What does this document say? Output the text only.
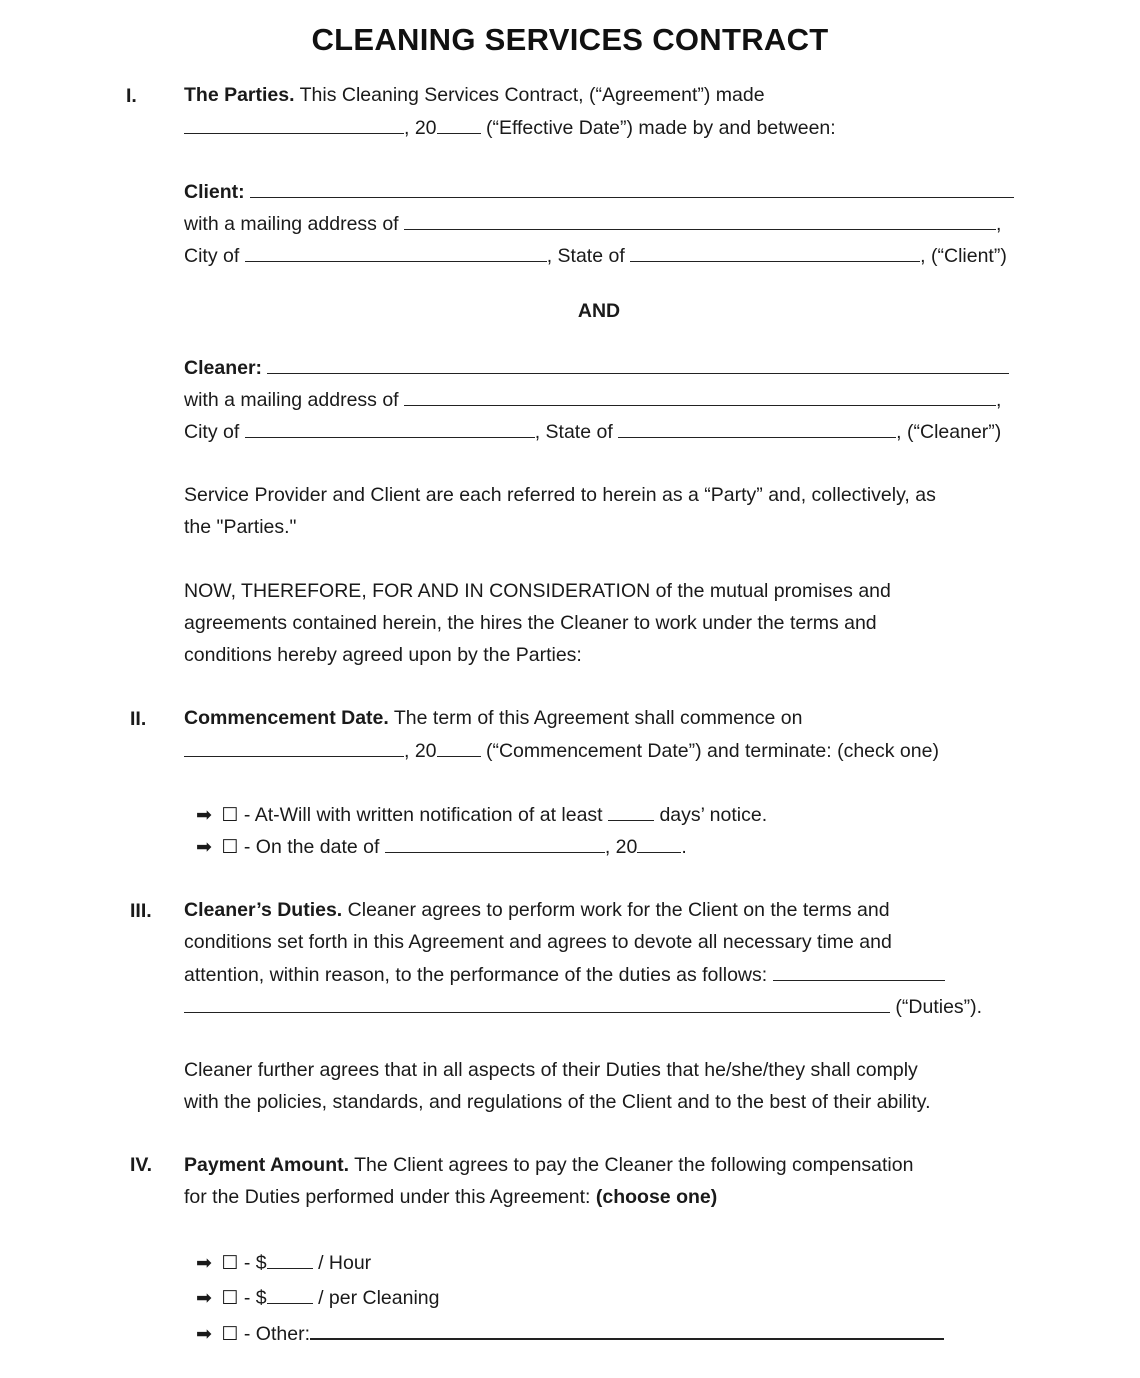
CLEANING SERVICES CONTRACT
I. The Parties. This Cleaning Services Contract, (“Agreement”) made
, 20	(“Effective Date”) made by and between:
Client:
with a mailing address of	,
City of	, State of	, (“Client”)
AND
Cleaner:
with a mailing address of	,
City of	, State of	, (“Cleaner”)
Service Provider and Client are each referred to herein as a “Party” and, collectively, as
the "Parties."
NOW, THEREFORE, FOR AND IN CONSIDERATION of the mutual promises and
agreements contained herein, the hires the Cleaner to work under the terms and
conditions hereby agreed upon by the Parties:
II. Commencement Date. The term of this Agreement shall commence on
, 20	(“Commencement Date”) and terminate: (check one)
➡ ☐ - At-Will with written notification of at least	days’ notice.
➡ ☐ - On the date of	, 20 .
III. Cleaner’s Duties. Cleaner agrees to perform work for the Client on the terms and
conditions set forth in this Agreement and agrees to devote all necessary time and
attention, within reason, to the performance of the duties as follows:
(“Duties”).
Cleaner further agrees that in all aspects of their Duties that he/she/they shall comply
with the policies, standards, and regulations of the Client and to the best of their ability.
IV. Payment Amount. The Client agrees to pay the Cleaner the following compensation
for the Duties performed under this Agreement: (choose one)
➡ ☐ - $	/ Hour
➡ ☐ - $	/ per Cleaning
➡ ☐ - Other:
